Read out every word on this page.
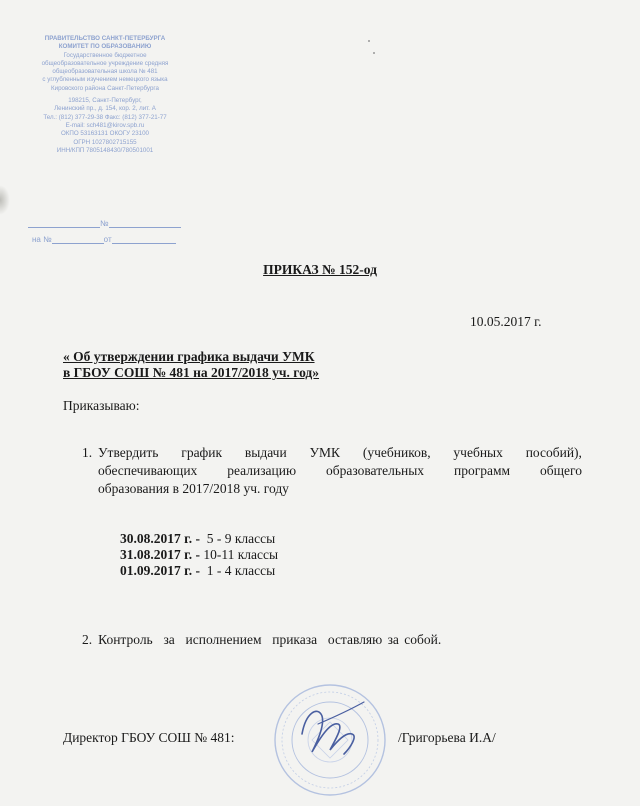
ПРАВИТЕЛЬСТВО САНКТ-ПЕТЕРБУРГА
КОМИТЕТ ПО ОБРАЗОВАНИЮ
Государственное бюджетное
общеобразовательное учреждение средняя
общеобразовательная школа № 481
с углубленным изучением немецкого языка
Кировского района Санкт-Петербурга
198215, Санкт-Петербург,
Ленинский пр., д. 154, кор. 2, лит. А
Тел.: (812) 377-29-38 Факс: (812) 377-21-77
E-mail: sch481@kirov.spb.ru
ОКПО 53163131 ОКОГУ 23100
ОГРН 1027802715155
ИНН/КПП 7805148430/780501001
№
на №	от
ПРИКАЗ № 152-од
10.05.2017 г.
« Об утверждении графика выдачи УМК
в ГБОУ СОШ № 481 на 2017/2018 уч. год»
Приказываю:
1. Утвердить график выдачи УМК (учебников, учебных пособий),
обеспечивающих реализацию образовательных программ общего
образования в 2017/2018 уч. году
30.08.2017 г. -  5 - 9 классы
31.08.2017 г. - 10-11 классы
01.09.2017 г. -  1 - 4 классы
2. Контроль  за  исполнением  приказа  оставляю за собой.
Директор ГБОУ СОШ № 481:	/Григорьева И.А/
